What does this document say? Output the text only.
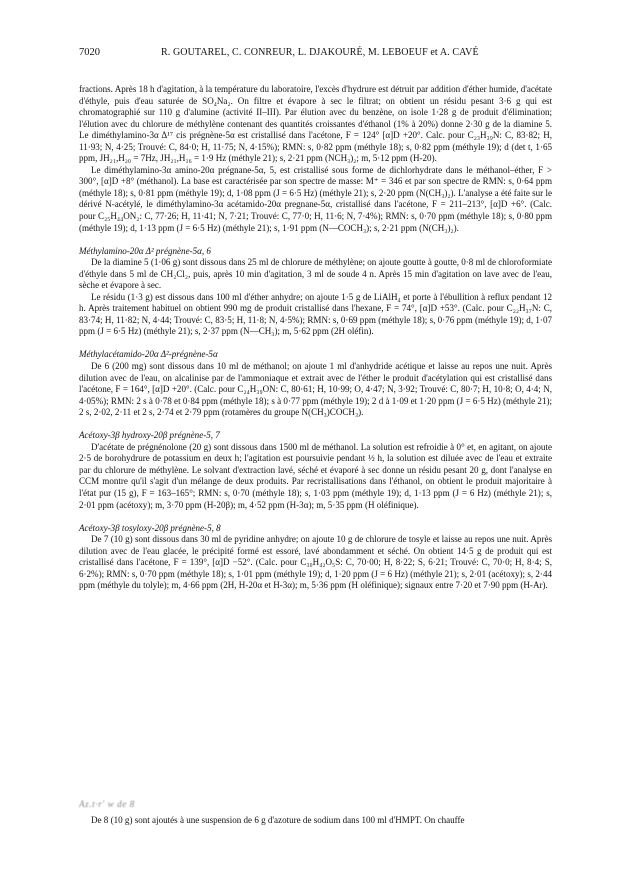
7020	R. GOUTAREL, C. CONREUR, L. DJAKOURÉ, M. LEBOEUF et A. CAVÉ

fractions. Après 18 h d'agitation, à la température du laboratoire, l'excès d'hydrure est détruit par addition d'éther humide, d'acétate d'éthyle, puis d'eau saturée de SO₄Na₂. On filtre et évapore à sec le filtrat; on obtient un résidu pesant 3·6 g qui est chromatographié sur 110 g d'alumine (activité II–III). Par élution avec du benzène, on isole 1·28 g de produit d'élimination; l'élution avec du chlorure de méthylène contenant des quantités croissantes d'éthanol (1% à 20%) donne 2·30 g de la diamine 5. Le diméthylamino-3α Δ¹⁷ cis prégnène-5α est cristallisé dans l'acétone, F = 124° [α]D +20°. Calc. pour C₂₃H₃₉N: C, 83·82; H, 11·93; N, 4·25; Trouvé: C, 84·0; H, 11·75; N, 4·15%); RMN: s, 0·82 ppm (méthyle 18); s, 0·82 ppm (méthyle 19); d (det t, 1·65 ppm, JH₂₁,H₂₀ = 7Hz, JH₂₁,H₁₆ = 1·9 Hz (méthyle 21); s, 2·21 ppm (NCH₃)₂; m, 5·12 ppm (H-20).

Le diméthylamino-3α amino-20α prégnane-5α, 5, est cristallisé sous forme de dichlorhydrate dans le méthanol–éther, F > 300°, [α]D +8° (méthanol). La base est caractérisée par son spectre de masse: M⁺ = 346 et par son spectre de RMN: s, 0·64 ppm (méthyle 18); s, 0·81 ppm (méthyle 19); d, 1·08 ppm (J = 6·5 Hz) (méthyle 21); s, 2·20 ppm (N(CH₃)₂). L'analyse a été faite sur le dérivé N-acétylé, le diméthylamino-3α acétamido-20α pregnane-5α, cristallisé dans l'acétone, F = 211–213°, [α]D +6°. (Calc. pour C₂₅H₄₄ON₂: C, 77·26; H, 11·41; N, 7·21; Trouvé: C, 77·0; H, 11·6; N, 7·4%); RMN: s, 0·70 ppm (méthyle 18); s, 0·80 ppm (méthyle 19); d, 1·13 ppm (J = 6·5 Hz) (méthyle 21); s, 1·91 ppm (N—COCH₃); s, 2·21 ppm (N(CH₃)₂).

Méthylamino-20α Δ² prégnène-5α, 6

De la diamine 5 (1·06 g) sont dissous dans 25 ml de chlorure de méthylène; on ajoute goutte à goutte, 0·8 ml de chloroformiate d'éthyle dans 5 ml de CH₂Cl₂, puis, après 10 min d'agitation, 3 ml de soude 4 n. Après 15 min d'agitation on lave avec de l'eau, sèche et évapore à sec.

Le résidu (1·3 g) est dissous dans 100 ml d'éther anhydre; on ajoute 1·5 g de LiAlH₄ et porte à l'ébullition à reflux pendant 12 h. Après traitement habituel on obtient 990 mg de produit cristallisé dans l'hexane, F = 74°, [α]D +53°. (Calc. pour C₂₂H₃₇N: C, 83·74; H, 11·82; N, 4·44; Trouvé: C, 83·5; H, 11·8; N, 4·5%); RMN: s, 0·69 ppm (méthyle 18); s, 0·76 ppm (méthyle 19); d, 1·07 ppm (J = 6·5 Hz) (méthyle 21); s, 2·37 ppm (N—CH₃); m, 5·62 ppm (2H oléfin).

Méthylacétamido-20α Δ²-prégnène-5α

De 6 (200 mg) sont dissous dans 10 ml de méthanol; on ajoute 1 ml d'anhydride acétique et laisse au repos une nuit. Après dilution avec de l'eau, on alcalinise par de l'ammoniaque et extrait avec de l'éther le produit d'acétylation qui est cristallisé dans l'acétone, F = 164°, [α]D +20°. (Calc. pour C₂₄H₃₉ON: C, 80·61; H, 10·99; O, 4·47; N, 3·92; Trouvé: C, 80·7; H, 10·8; O, 4·4; N, 4·05%); RMN: 2 s à 0·78 et 0·84 ppm (méthyle 18); s à 0·77 ppm (méthyle 19); 2 d à 1·09 et 1·20 ppm (J = 6·5 Hz) (méthyle 21); 2 s, 2·02, 2·11 et 2 s, 2·74 et 2·79 ppm (rotamères du groupe N(CH₃)COCH₃).

Acétoxy-3β hydroxy-20β prégnène-5, 7

D'acétate de prégnénolone (20 g) sont dissous dans 1500 ml de méthanol. La solution est refroidie à 0° et, en agitant, on ajoute 2·5 de borohydrure de potassium en deux h; l'agitation est poursuivie pendant ½ h, la solution est diluée avec de l'eau et extraite par du chlorure de méthylène. Le solvant d'extraction lavé, séché et évaporé à sec donne un résidu pesant 20 g, dont l'analyse en CCM montre qu'il s'agit d'un mélange de deux produits. Par recristallisations dans l'éthanol, on obtient le produit majoritaire à l'état pur (15 g), F = 163–165°; RMN: s, 0·70 (méthyle 18); s, 1·03 ppm (méthyle 19); d, 1·13 ppm (J = 6 Hz) (méthyle 21); s, 2·01 ppm (acétoxy); m, 3·70 ppm (H-20β); m, 4·52 ppm (H-3α); m, 5·35 ppm (H oléfinique).

Acétoxy-3β tosyloxy-20β prégnène-5, 8

De 7 (10 g) sont dissous dans 30 ml de pyridine anhydre; on ajoute 10 g de chlorure de tosyle et laisse au repos une nuit. Après dilution avec de l'eau glacée, le précipité formé est essoré, lavé abondamment et séché. On obtient 14·5 g de produit qui est cristallisé dans l'acétone, F = 139°, [α]D −52°. (Calc. pour C₃₀H₄₂O₅S: C, 70·00; H, 8·22; S, 6·21; Trouvé: C, 70·0; H, 8·4; S, 6·2%); RMN: s, 0·70 ppm (méthyle 18); s, 1·01 ppm (méthyle 19); d, 1·20 ppm (J = 6 Hz) (méthyle 21); s, 2·01 (acétoxy); s, 2·44 ppm (méthyle du tolyle); m, 4·66 ppm (2H, H-20α et H-3α); m, 5·36 ppm (H oléfinique); signaux entre 7·20 et 7·90 ppm (H-Ar).

Az.t·r' w de 8

De 8 (10 g) sont ajoutés à une suspension de 6 g d'azoture de sodium dans 100 ml d'HMPT. On chauffe
